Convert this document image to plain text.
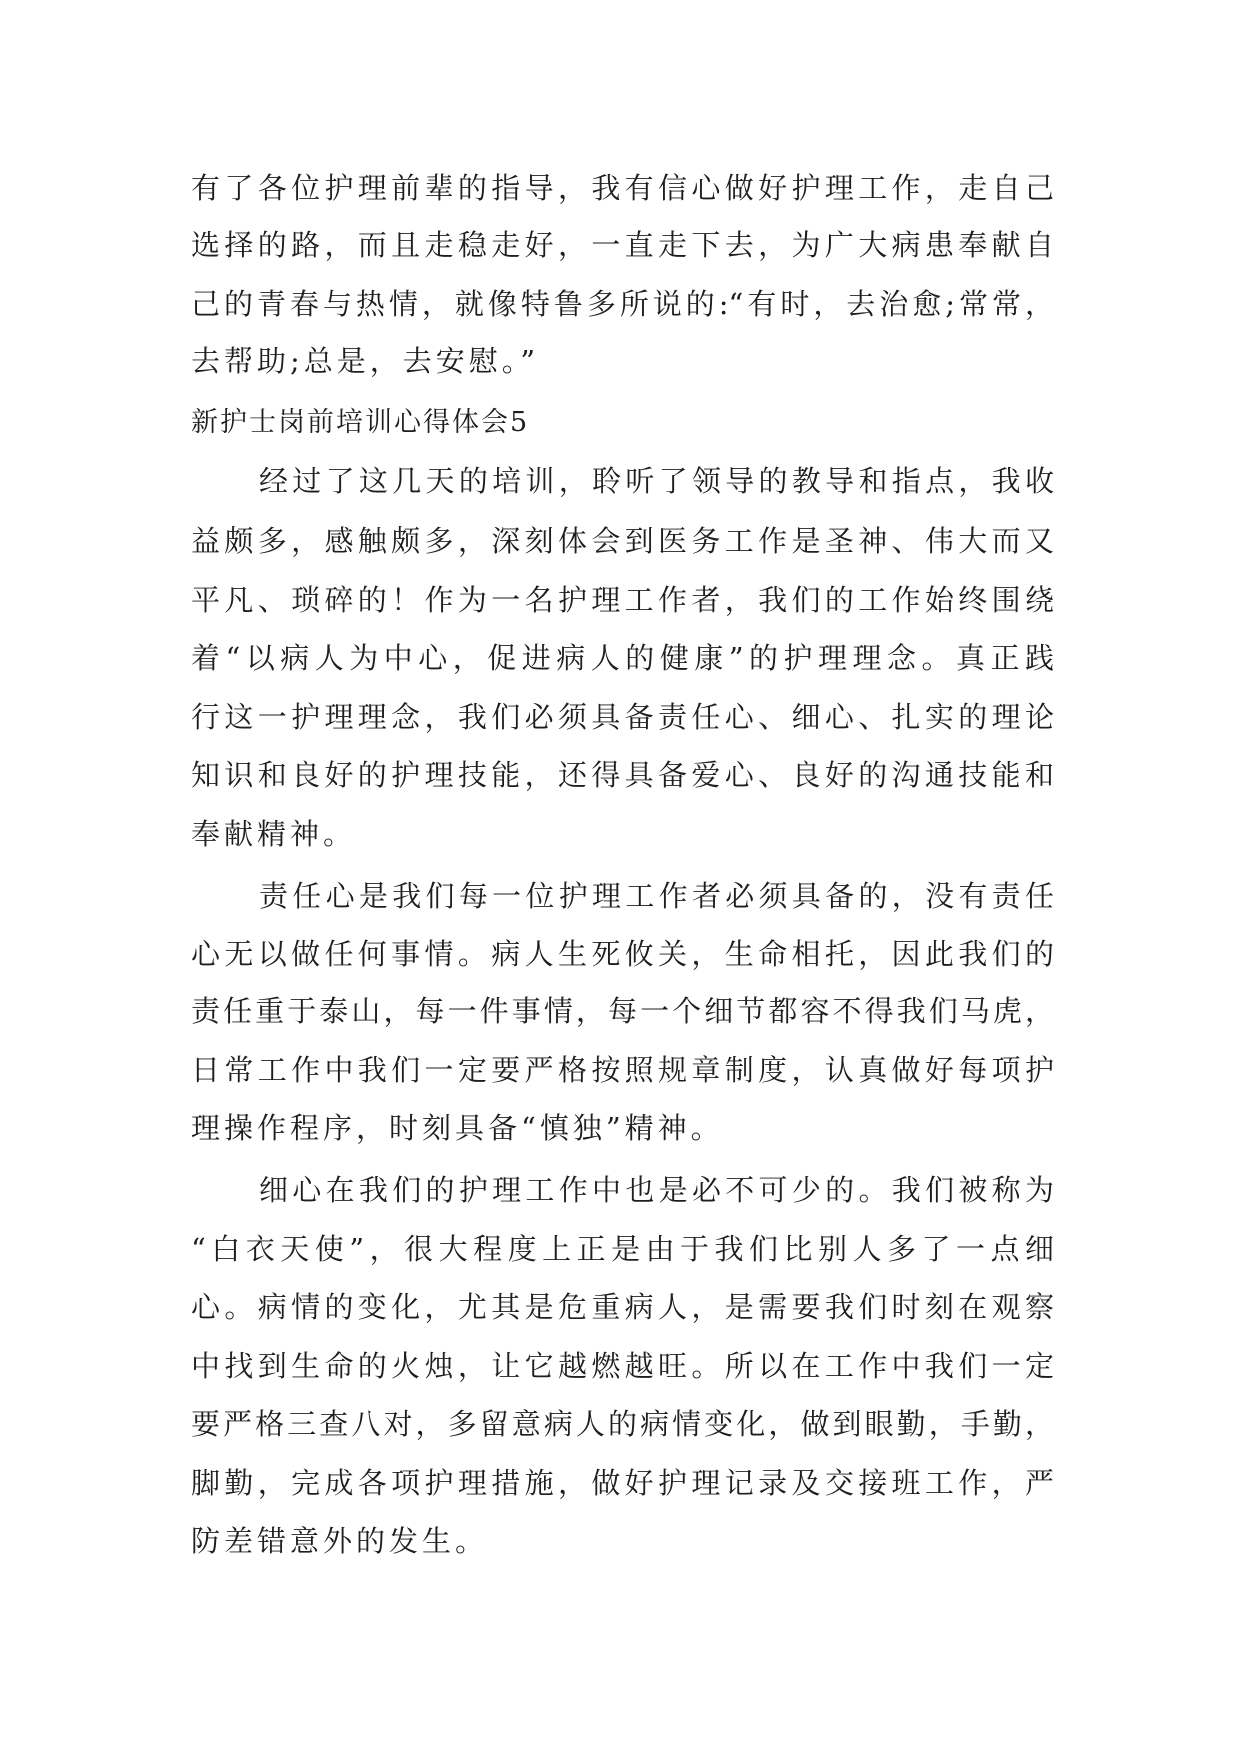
有了各位护理前辈的指导，我有信心做好护理工作，走自己
选择的路，而且走稳走好，一直走下去，为广大病患奉献自
己的青春与热情，就像特鲁多所说的:“有时，去治愈;常常，
去帮助;总是，去安慰。”
新护士岗前培训心得体会5
经过了这几天的培训，聆听了领导的教导和指点，我收
益颇多，感触颇多，深刻体会到医务工作是圣神、伟大而又
平凡、琐碎的！作为一名护理工作者，我们的工作始终围绕
着“以病人为中心，促进病人的健康”的护理理念。真正践
行这一护理理念，我们必须具备责任心、细心、扎实的理论
知识和良好的护理技能，还得具备爱心、良好的沟通技能和
奉献精神。
责任心是我们每一位护理工作者必须具备的，没有责任
心无以做任何事情。病人生死攸关，生命相托，因此我们的
责任重于泰山，每一件事情，每一个细节都容不得我们马虎，
日常工作中我们一定要严格按照规章制度，认真做好每项护
理操作程序，时刻具备“慎独”精神。
细心在我们的护理工作中也是必不可少的。我们被称为
“白衣天使”，很大程度上正是由于我们比别人多了一点细
心。病情的变化，尤其是危重病人，是需要我们时刻在观察
中找到生命的火烛，让它越燃越旺。所以在工作中我们一定
要严格三查八对，多留意病人的病情变化，做到眼勤，手勤，
脚勤，完成各项护理措施，做好护理记录及交接班工作，严
防差错意外的发生。
